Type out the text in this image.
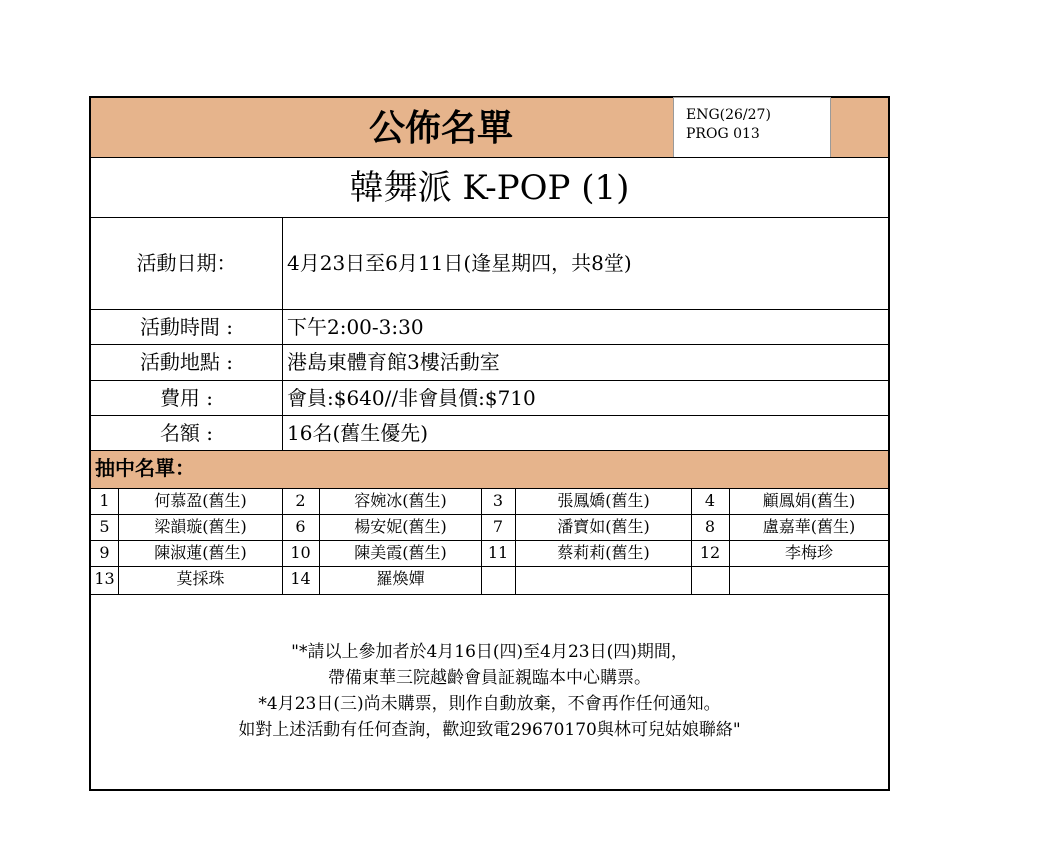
公佈名單	ENG(26/27)
PROG 013
韓舞派 K-POP (1)
活動日期：	4月23日至6月11日(逢星期四，共8堂)
活動時間 :	下午2:00-3:30
活動地點 :	港島東體育館3樓活動室
費用 :	會員:$640//非會員價:$710
名額 :	16名(舊生優先)
抽中名單：
1	何慕盈(舊生)	2	容婉冰(舊生)	3	張鳳嬌(舊生)	4	顧鳳娟(舊生)
5	梁韻璇(舊生)	6	楊安妮(舊生)	7	潘寶如(舊生)	8	盧嘉華(舊生)
9	陳淑蓮(舊生)	10	陳美霞(舊生)	11	蔡莉莉(舊生)	12	李梅珍
13	莫採珠	14	羅煥嬋
"*請以上參加者於4月16日(四)至4月23日(四)期間，
帶備東華三院越齡會員証親臨本中心購票。
*4月23日(三)尚未購票，則作自動放棄，不會再作任何通知。
如對上述活動有任何查詢，歡迎致電29670170與林可兒姑娘聯絡"
